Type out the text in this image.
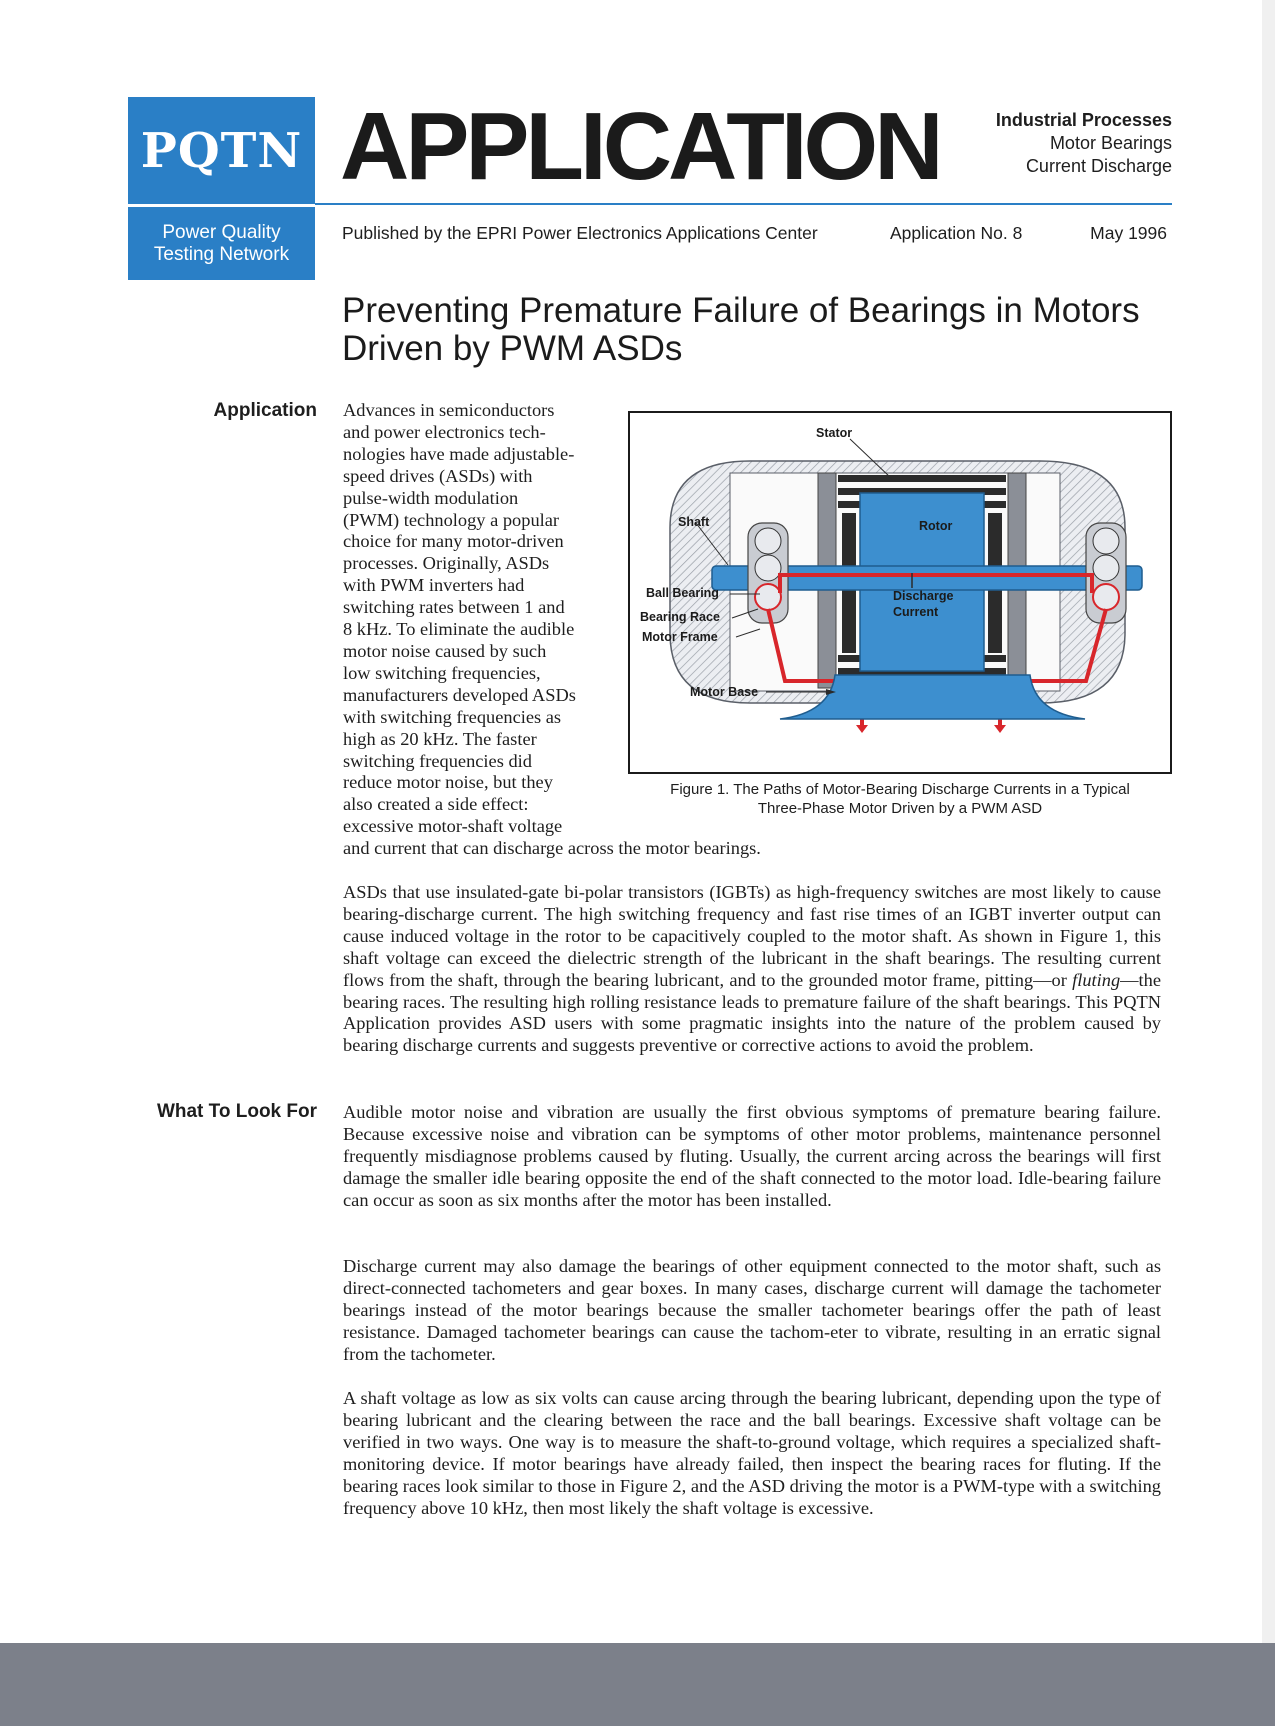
PQTN
Power Quality
Testing Network
APPLICATION	Industrial Processes
Motor Bearings
Current Discharge
Published by the EPRI Power Electronics Applications Center	Application No. 8	May 1996
Preventing Premature Failure of Bearings in Motors
Driven by PWM ASDs
Application Advances in semiconductors
and power electronics tech-
nologies have made adjustable-
speed drives (ASDs) with
pulse-width modulation
(PWM) technology a popular
choice for many motor-driven
processes. Originally, ASDs
with PWM inverters had
switching rates between 1 and
8 kHz. To eliminate the audible
motor noise caused by such
low switching frequencies,
manufacturers developed ASDs
with switching frequencies as
high as 20 kHz. The faster
switching frequencies did
reduce motor noise, but they
also created a side effect:
excessive motor-shaft voltage
and current that can discharge across the motor bearings.
Stator
Shaft	Rotor
Ball Bearing
Bearing Race
Motor Frame
Motor Base
Discharge
Current
Figure 1. The Paths of Motor-Bearing Discharge Currents in a Typical
Three-Phase Motor Driven by a PWM ASD

ASDs that use insulated-gate bi-polar transistors (IGBTs) as high-frequency switches are most likely to cause bearing-discharge current. The high switching frequency and fast rise times of an IGBT inverter output can cause induced voltage in the rotor to be capacitively coupled to the motor shaft. As shown in Figure 1, this shaft voltage can exceed the dielectric strength of the lubricant in the shaft bearings. The resulting current flows from the shaft, through the bearing lubricant, and to the grounded motor frame, pitting—or fluting—the bearing races. The resulting high rolling resistance leads to premature failure of the shaft bearings. This PQTN Application provides ASD users with some pragmatic insights into the nature of the problem caused by bearing discharge currents and suggests preventive or corrective actions to avoid the problem.

What To Look For Audible motor noise and vibration are usually the first obvious symptoms of premature bearing failure. Because excessive noise and vibration can be symptoms of other motor problems, maintenance personnel frequently misdiagnose problems caused by fluting. Usually, the current arcing across the bearings will first damage the smaller idle bearing opposite the end of the shaft connected to the motor load. Idle-bearing failure can occur as soon as six months after the motor has been installed.
Discharge current may also damage the bearings of other equipment connected to the motor shaft, such as direct-connected tachometers and gear boxes. In many cases, discharge current will damage the tachometer bearings instead of the motor bearings because the smaller tachometer bearings offer the path of least resistance. Damaged tachometer bearings can cause the tachom-eter to vibrate, resulting in an erratic signal from the tachometer.
A shaft voltage as low as six volts can cause arcing through the bearing lubricant, depending upon the type of bearing lubricant and the clearing between the race and the ball bearings. Excessive shaft voltage can be verified in two ways. One way is to measure the shaft-to-ground voltage, which requires a specialized shaft-monitoring device. If motor bearings have already failed, then inspect the bearing races for fluting. If the bearing races look similar to those in Figure 2, and the ASD driving the motor is a PWM-type with a switching frequency above 10 kHz, then most likely the shaft voltage is excessive.
